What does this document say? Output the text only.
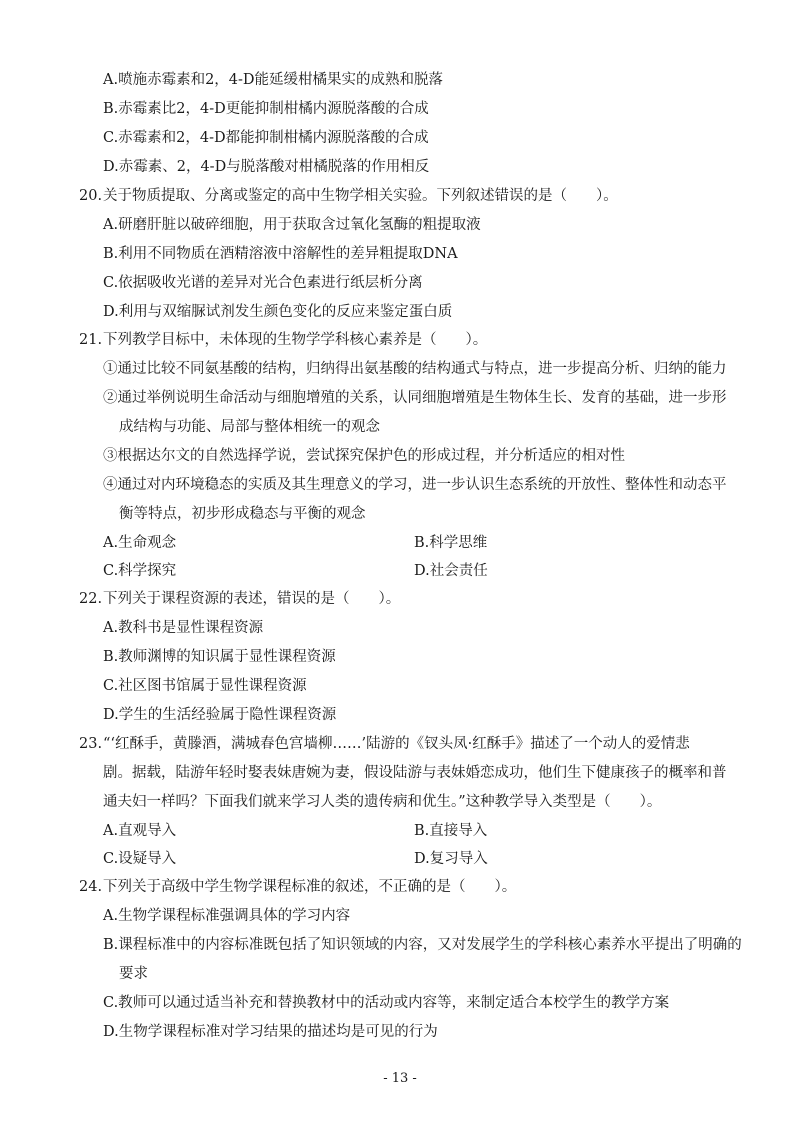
A.喷施赤霉素和2，4-D能延缓柑橘果实的成熟和脱落
B.赤霉素比2，4-D更能抑制柑橘内源脱落酸的合成
C.赤霉素和2，4-D都能抑制柑橘内源脱落酸的合成
D.赤霉素、2，4-D与脱落酸对柑橘脱落的作用相反
20. 关于物质提取、分离或鉴定的高中生物学相关实验。下列叙述错误的是（　　）。
A.研磨肝脏以破碎细胞，用于获取含过氧化氢酶的粗提取液
B.利用不同物质在酒精溶液中溶解性的差异粗提取DNA
C.依据吸收光谱的差异对光合色素进行纸层析分离
D.利用与双缩脲试剂发生颜色变化的反应来鉴定蛋白质
21. 下列教学目标中，未体现的生物学学科核心素养是（　　）。
①通过比较不同氨基酸的结构，归纳得出氨基酸的结构通式与特点，进一步提高分析、归纳的能力
②通过举例说明生命活动与细胞增殖的关系，认同细胞增殖是生物体生长、发育的基础，进一步形
成结构与功能、局部与整体相统一的观念
③根据达尔文的自然选择学说，尝试探究保护色的形成过程，并分析适应的相对性
④通过对内环境稳态的实质及其生理意义的学习，进一步认识生态系统的开放性、整体性和动态平
衡等特点，初步形成稳态与平衡的观念
A.生命观念	B.科学思维
C.科学探究	D.社会责任
22. 下列关于课程资源的表述，错误的是（　　）。
A.教科书是显性课程资源
B.教师渊博的知识属于显性课程资源
C.社区图书馆属于显性课程资源
D.学生的生活经验属于隐性课程资源
23. “‘红酥手，黄滕酒，满城春色宫墙柳……’陆游的《钗头凤·红酥手》描述了一个动人的爱情悲
剧。据载，陆游年轻时娶表妹唐婉为妻，假设陆游与表妹婚恋成功，他们生下健康孩子的概率和普
通夫妇一样吗？下面我们就来学习人类的遗传病和优生。”这种教学导入类型是（　　）。
A.直观导入	B.直接导入
C.设疑导入	D.复习导入
24. 下列关于高级中学生物学课程标准的叙述，不正确的是（　　）。
A.生物学课程标准强调具体的学习内容
B.课程标准中的内容标准既包括了知识领域的内容，又对发展学生的学科核心素养水平提出了明确的
要求
C.教师可以通过适当补充和替换教材中的活动或内容等，来制定适合本校学生的教学方案
D.生物学课程标准对学习结果的描述均是可见的行为
- 13 -
